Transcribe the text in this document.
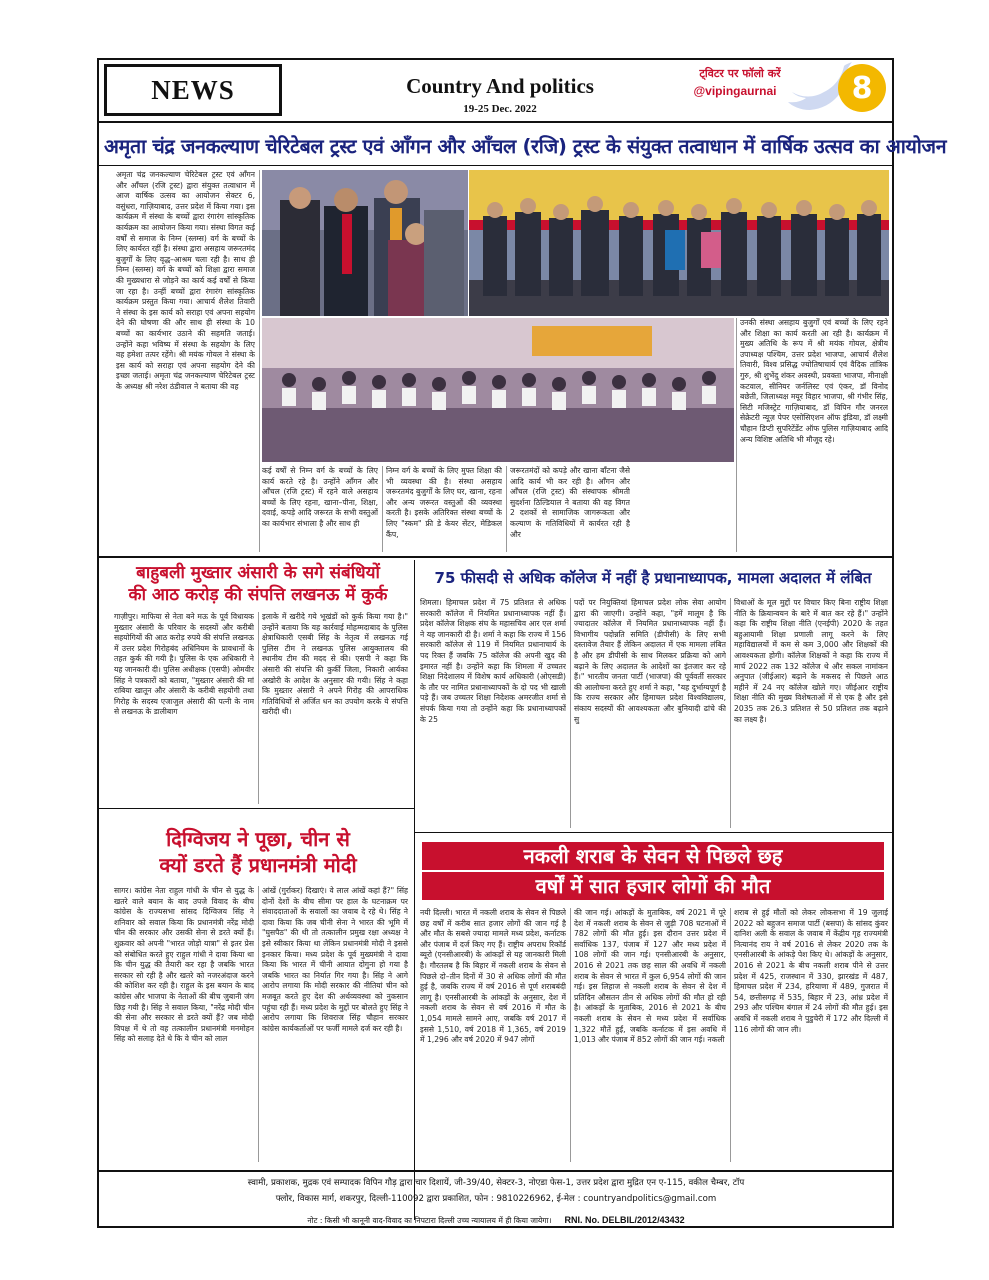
NEWS	Country And politics
19-25 Dec. 2022
ट्विटर पर फॉलो करें
@vipingaurnai	8
अमृता चंद्र जनकल्याण चेरिटेबल ट्रस्ट एवं आँगन और आँचल (रजि) ट्रस्ट के संयुक्त तत्वाधान में वार्षिक उत्सव का आयोजन
अमृता चंद्र जनकल्याण चेरिटेबल ट्रस्ट एवं आँगन और आँचल (रजि ट्रस्ट) द्वारा संयुक्त तत्वाधान में आज वार्षिक उत्सव का आयोजन सेक्टर 6, वसुंधरा, गाज़ियाबाद, उत्तर प्रदेश में किया गया। इस कार्यक्रम में संस्था के बच्चों द्वारा रंगारंग सांस्कृतिक कार्यक्रम का आयोजन किया गया। संस्था विगत कई वर्षों से समाज के निम्न (स्लम्स) वर्ग के बच्चों के लिए कार्यरत रहीं है। संस्था द्वारा असहाय जरूरतमंद बुजुर्गों के लिए वृद्ध–आश्रम चला रही है। साथ ही निम्न (स्लम्स) वर्ग के बच्चों को शिक्षा द्वारा समाज की मुख्यधारा से जोड़ने का कार्य कई वर्षों से किया जा रहा है। उन्हीं बच्चों द्वारा रंगारंग सांस्कृतिक कार्यक्रम प्रस्तुत किया गया। आचार्य शैलेश तिवारी ने संस्था के इस कार्य को सराहा एवं अपना सहयोग देने की घोषणा की और साथ ही संस्था के 10 बच्चों का कार्यभार उठाने की सहमति जताई। उन्होंने कहा भविष्य में संस्था के सहयोग के लिए वह हमेशा तत्पर रहेंगे। श्री मयंक गोयल ने संस्था के इस कार्य को सराहा एवं अपना सहयोग देने की इच्छा जताई। अमृता चंद्र जनकल्याण चेरिटेबल ट्रस्ट के अध्यक्ष श्री नरेश ठंडीवाल ने बताया की वह
कई वर्षों से निम्न वर्ग के बच्चों के लिए कार्य करते रहे है। उन्होंने आँगन और आँचल (रजि ट्रस्ट) में रहने वाले असहाय बच्चों के लिए रहना, खाना–पीना, शिक्षा, दवाई, कपड़े आदि जरूरत के सभी वस्तुओं का कार्यभार संभाला है और साथ ही
निम्न वर्ग के बच्चों के लिए मुफ्त शिक्षा की भी व्यवस्था की है। संस्था असहाय जरूरतमंद बुजुर्गों के लिए घर, खाना, रहना और अन्य जरूरत वस्तुओं की व्यवस्था करती है। इसके अतिरिक्त संस्था बच्चों के लिए "स्कम" फ्री डे केयर सेंटर, मेडिकल कैंप,
जरूरतमंदों को कपड़े और खाना बाँटना जैसे आदि कार्य भी कर रही है। आँगन और आँचल (रजि ट्रस्ट) की संस्थापक श्रीमती सुदर्शना ठिल्डियाल ने बताया की वह विगत 2 दशकों से सामाजिक जागरूकता और कल्याण के गतिविधियों में कार्यरत रही है और
उनकी संस्था असहाय बुजुर्गों एवं बच्चों के लिए रहने और शिक्षा का कार्य करती आ रही है। कार्यक्रम में मुख्य अतिथि के रूप में श्री मयंक गोयल, क्षेत्रीय उपाध्यक्ष पश्चिम, उत्तर प्रदेश भाजपा, आचार्य शैलेश तिवारी, विश्व प्रसिद्ध ज्योतिषाचार्य एवं वैदिक तांत्रिक गुरु, श्री शुभेंदु शंकर अवस्थी, प्रवक्ता भाजपा, मीनाक्षी कटवाल, सीनियर जर्नलिस्ट एवं एंकर, डॉ विनोद बछेती, जिलाध्यक्ष मयूर विहार भाजपा, श्री गंभीर सिंह, सिटी मजिस्ट्रेट गाज़ियाबाद, डॉ विपिन गौर जनरल सेक्रेटरी न्यूज़ पेपर एसोसिएशन ऑफ इंडिया, डॉ लक्ष्मी चौहान डिप्टी सुपरिटेंडेंट ऑफ पुलिस गाज़ियाबाद आदि अन्य विशिष्ट अतिथि भी मौजूद रहे।
बाहुबली मुख्तार अंसारी के सगे संबंधियों
की आठ करोड़ की संपत्ति लखनऊ में कुर्क
गाज़ीपुर। माफिया से नेता बने मऊ के पूर्व विधायक मुख्तार अंसारी के परिवार के सदस्यों और करीबी सहयोगियों की आठ करोड़ रुपये की संपत्ति लखनऊ में उत्तर प्रदेश गिरोहबंद अधिनियम के प्रावधानों के तहत कुर्क की गयी है। पुलिस के एक अधिकारी ने यह जानकारी दी। पुलिस अधीक्षक (एसपी) ओमवीर सिंह ने पत्रकारों को बताया, "मुख्तार अंसारी की मां राबिया खातून और अंसारी के करीबी सहयोगी तथा गिरोह के सदस्य एजाजुल अंसारी की पत्नी के नाम से लखनऊ के डालीबाग
इलाके में खरीदे गये भूखंडों को कुर्क किया गया है।" उन्होंने बताया कि यह कार्रवाई मोहम्मदाबाद के पुलिस क्षेत्राधिकारी एसबी सिंह के नेतृत्व में लखनऊ गई पुलिस टीम ने लखनऊ पुलिस आयुक्तालय की स्थानीय टीम की मदद से की। एसपी ने कहा कि अंसारी की संपत्ति की कुर्की जिला, निकारी आर्यका अखोरी के आदेश के अनुसार की गयी। सिंह ने कहा कि मुख्तार अंसारी ने अपने गिरोह की आपराधिक गतिविधियों से अर्जित धन का उपयोग करके ये संपत्ति खरीदी थी।
75 फीसदी से अधिक कॉलेज में नहीं है प्रधानाध्यापक, मामला अदालत में लंबित
शिमला। हिमाचल प्रदेश में 75 प्रतिशत से अधिक सरकारी कॉलेज में नियमित प्रधानाध्यापक नहीं हैं। प्रदेश कॉलेज शिक्षक संघ के महासचिव आर एल शर्मा ने यह जानकारी दी है। शर्मा ने कहा कि राज्य में 156 सरकारी कॉलेज से 119 में नियमित प्रधानाचार्य के पद रिक्त हैं जबकि 75 कॉलेज की अपनी खुद की इमारत नहीं है। उन्होंने कहा कि शिमला में उच्चतर शिक्षा निदेशालय में विशेष कार्य अधिकारी (ओएसडी) के तौर पर नामित प्रधानाध्यापकों के दो पद भी खाली पड़े हैं। जब उच्चतर शिक्षा निदेशक अमरजीत शर्मा से संपर्क किया गया तो उन्होंने कहा कि प्रधानाध्यापकों के 25
पदों पर नियुक्तियां हिमाचल प्रदेश लोक सेवा आयोग द्वारा की जाएगी। उन्होंने कहा, "हमें मालूम है कि ज्यादातर कॉलेज में नियमित प्रधानाध्यापक नहीं हैं। विभागीय पदोन्नति समिति (डीपीसी) के लिए सभी दस्तावेज तैयार हैं लेकिन अदालत में एक मामला लंबित है और हम डीपीसी के साथ मिलकर प्रक्रिया को आगे बढ़ाने के लिए अदालत के आदेशों का इंतजार कर रहे हैं।" भारतीय जनता पार्टी (भाजपा) की पूर्ववर्ती सरकार की आलोचना करते हुए शर्मा ने कहा, "यह दुर्भाग्यपूर्ण है कि राज्य सरकार और हिमाचल प्रदेश विश्वविद्यालय, संकाय सदस्यों की आवश्यकता और बुनियादी ढांचे की सु
विधाओं के मूल मुद्दों पर विचार किए बिना राष्ट्रीय शिक्षा नीति के क्रियान्वयन के बारे में बात कर रहे हैं।" उन्होंने कहा कि राष्ट्रीय शिक्षा नीति (एनईपी) 2020 के तहत बहुआयामी शिक्षा प्रणाली लागू करने के लिए महाविद्यालयों में कम से कम 3,000 और शिक्षकों की आवश्यकता होगी। कॉलेज शिक्षकों ने कहा कि राज्य में मार्च 2022 तक 132 कॉलेज थे और सकल नामांकन अनुपात (जीईआर) बढ़ाने के मकसद से पिछले आठ महीने में 24 नए कॉलेज खोले गए। जीईआर राष्ट्रीय शिक्षा नीति की मुख्य विशेषताओं में से एक है और इसे 2035 तक 26.3 प्रतिशत से 50 प्रतिशत तक बढ़ाने का लक्ष्य है।
दिग्विजय ने पूछा, चीन से
क्यों डरते हैं प्रधानमंत्री मोदी
सागर। कांग्रेस नेता राहुल गांधी के चीन से युद्ध के खतरे वाले बयान के बाद उपजे विवाद के बीच कांग्रेस के राज्यसभा सांसद दिग्विजय सिंह ने शनिवार को सवाल किया कि प्रधानमंत्री नरेंद्र मोदी चीन की सरकार और उसकी सेना से डरते क्यों हैं। शुक्रवार को अपनी "भारत जोड़ो यात्रा" से इतर प्रेस को संबोधित करते हुए राहुल गांधी ने दावा किया था कि चीन युद्ध की तैयारी कर रहा है जबकि भारत सरकार सो रही है और खतरे को नजरअंदाज करने की कोशिश कर रही है। राहुल के इस बयान के बाद कांग्रेस और भाजपा के नेताओं की बीच जुबानी जंग छिड़ गयी है। सिंह ने सवाल किया, "नरेंद्र मोदी चीन की सेना और सरकार से डरते क्यों हैं? जब मोदी विपक्ष में थे तो वह तत्कालीन प्रधानमंत्री मनमोहन सिंह को सलाह देते थे कि वे चीन को लाल
आंखें (गुर्राकर) दिखाएं। वे लाल आंखें कहां हैं?" सिंह दोनों देशों के बीच सीमा पर हाल के घटनाक्रम पर संवाददाताओं के सवालों का जवाब दे रहे थे। सिंह ने दावा किया कि जब चीनी सेना ने भारत की भूमि में "घुसपैठ" की थी तो तत्कालीन प्रमुख रक्षा अध्यक्ष ने इसे स्वीकार किया था लेकिन प्रधानमंत्री मोदी ने इससे इनकार किया। मध्य प्रदेश के पूर्व मुख्यमंत्री ने दावा किया कि भारत में चीनी आयात दोगुना हो गया है जबकि भारत का निर्यात गिर गया है। सिंह ने आगे आरोप लगाया कि मोदी सरकार की नीतियां चीन को मजबूत करते हुए देश की अर्थव्यवस्था को नुकसान पहुंचा रही हैं। मध्य प्रदेश के मुद्दों पर बोलते हुए सिंह ने आरोप लगाया कि शिवराज सिंह चौहान सरकार कांग्रेस कार्यकर्ताओं पर फर्जी मामले दर्ज कर रही है।
नकली शराब के सेवन से पिछले छह
वर्षों में सात हजार लोगों की मौत
नयी दिल्ली। भारत में नकली शराब के सेवन से पिछले छह वर्षों में करीब सात हजार लोगों की जान गई है और मौत के सबसे ज्यादा मामले मध्य प्रदेश, कर्नाटक और पंजाब में दर्ज किए गए हैं। राष्ट्रीय अपराध रिकॉर्ड ब्यूरो (एनसीआरबी) के आंकड़ों से यह जानकारी मिली है। गौरतलब है कि बिहार में नकली शराब के सेवन से पिछले दो–तीन दिनों में 30 से अधिक लोगों की मौत हुई है, जबकि राज्य में वर्ष 2016 से पूर्ण शराबबंदी लागू है। एनसीआरबी के आंकड़ों के अनुसार, देश में नकली शराब के सेवन से वर्ष 2016 में मौत के 1,054 मामले सामने आए, जबकि वर्ष 2017 में इससे 1,510, वर्ष 2018 में 1,365, वर्ष 2019 में 1,296 और वर्ष 2020 में 947 लोगों
की जान गई। आंकड़ों के मुताबिक, वर्ष 2021 में पूरे देश में नकली शराब के सेवन से जुड़ी 708 घटनाओं में 782 लोगों की मौत हुई। इस दौरान उत्तर प्रदेश में सर्वाधिक 137, पंजाब में 127 और मध्य प्रदेश में 108 लोगों की जान गई। एनसीआरबी के अनुसार, 2016 से 2021 तक छह साल की अवधि में नकली शराब के सेवन से भारत में कुल 6,954 लोगों की जान गई। इस लिहाज से नकली शराब के सेवन से देश में प्रतिदिन औसतन तीन से अधिक लोगों की मौत हो रही है। आंकड़ों के मुताबिक, 2016 से 2021 के बीच नकली शराब के सेवन से मध्य प्रदेश में सर्वाधिक 1,322 मौतें हुईं, जबकि कर्नाटक में इस अवधि में 1,013 और पंजाब में 852 लोगों की जान गई। नकली
शराब से हुई मौतों को लेकर लोकसभा में 19 जुलाई 2022 को बहुजन समाज पार्टी (बसपा) के सांसद कुंवर दानिश अली के सवाल के जवाब में केंद्रीय गृह राज्यमंत्री नित्यानंद राय ने वर्ष 2016 से लेकर 2020 तक के एनसीआरबी के आंकड़े पेश किए थे। आंकड़ों के अनुसार, 2016 से 2021 के बीच नकली शराब पीने से उत्तर प्रदेश में 425, राजस्थान में 330, झारखंड में 487, हिमाचल प्रदेश में 234, हरियाणा में 489, गुजरात में 54, छत्तीसगढ़ में 535, बिहार में 23, आंध्र प्रदेश में 293 और पश्चिम बंगाल में 24 लोगों की मौत हुई। इस अवधि में नकली शराब ने पुडुचेरी में 172 और दिल्ली में 116 लोगों की जान ली।
स्वामी, प्रकाशक, मुद्रक एवं सम्पादक विपिन गौड़ द्वारा चार दिशायें, जी-39/40, सेक्टर-3, नोएडा फेस-1, उत्तर प्रदेश द्वारा मुद्रित एन ए-115, वकील चैम्बर, टॉप
फ्लोर, विकास मार्ग, शकरपुर, दिल्ली-110092 द्वारा प्रकाशित, फोन : 9810226962, ई-मेल : countryandpolitics@gmail.com
नोट : किसी भी कानूनी वाद-विवाद का निपटारा दिल्ली उच्च न्यायालय में ही किया जायेगा। RNI. No. DELBIL/2012/43432
